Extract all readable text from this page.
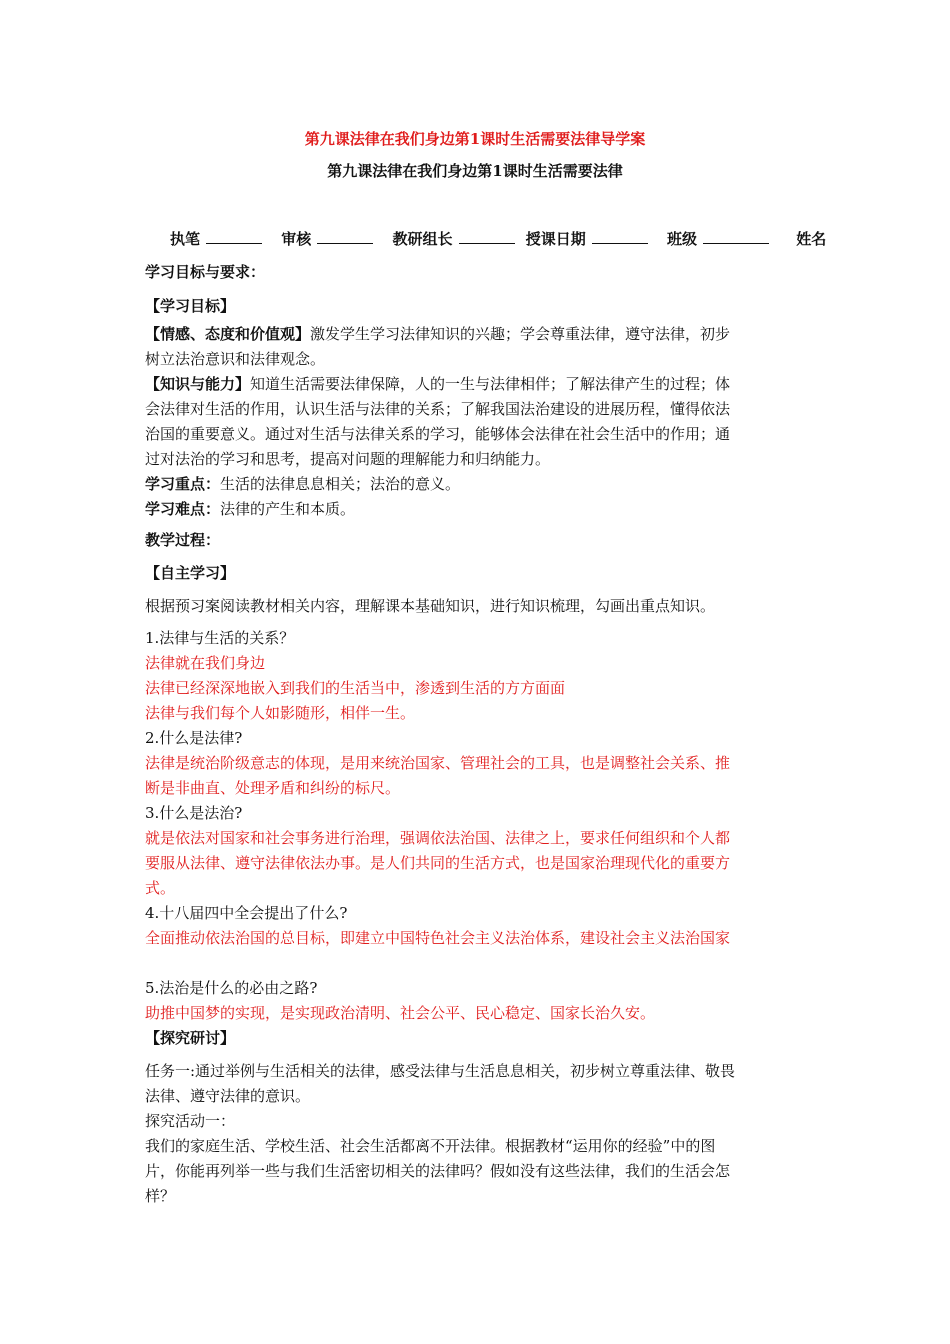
第九课法律在我们身边第1课时生活需要法律导学案
第九课法律在我们身边第1课时生活需要法律
执笔	审核	教研组长	授课日期	班级	姓名
学习目标与要求：
【学习目标】
【情感、态度和价值观】激发学生学习法律知识的兴趣；学会尊重法律，遵守法律，初步
树立法治意识和法律观念。
【知识与能力】知道生活需要法律保障，人的一生与法律相伴；了解法律产生的过程；体
会法律对生活的作用，认识生活与法律的关系；了解我国法治建设的进展历程，懂得依法
治国的重要意义。通过对生活与法律关系的学习，能够体会法律在社会生活中的作用；通
过对法治的学习和思考，提高对问题的理解能力和归纳能力。
学习重点：生活的法律息息相关；法治的意义。
学习难点：法律的产生和本质。
教学过程：
【自主学习】
根据预习案阅读教材相关内容，理解课本基础知识，进行知识梳理，勾画出重点知识。
1.法律与生活的关系？
法律就在我们身边
法律已经深深地嵌入到我们的生活当中，渗透到生活的方方面面
法律与我们每个人如影随形，相伴一生。
2.什么是法律?
法律是统治阶级意志的体现，是用来统治国家、管理社会的工具，也是调整社会关系、推
断是非曲直、处理矛盾和纠纷的标尺。
3.什么是法治?
就是依法对国家和社会事务进行治理，强调依法治国、法律之上，要求任何组织和个人都
要服从法律、遵守法律依法办事。是人们共同的生活方式，也是国家治理现代化的重要方
式。
4.十八届四中全会提出了什么?
全面推动依法治国的总目标，即建立中国特色社会主义法治体系，建设社会主义法治国家
5.法治是什么的必由之路?
助推中国梦的实现，是实现政治清明、社会公平、民心稳定、国家长治久安。
【探究研讨】
任务一:通过举例与生活相关的法律，感受法律与生活息息相关，初步树立尊重法律、敬畏
法律、遵守法律的意识。
探究活动一：
我们的家庭生活、学校生活、社会生活都离不开法律。根据教材“运用你的经验”中的图
片，你能再列举一些与我们生活密切相关的法律吗？假如没有这些法律，我们的生活会怎
样？
